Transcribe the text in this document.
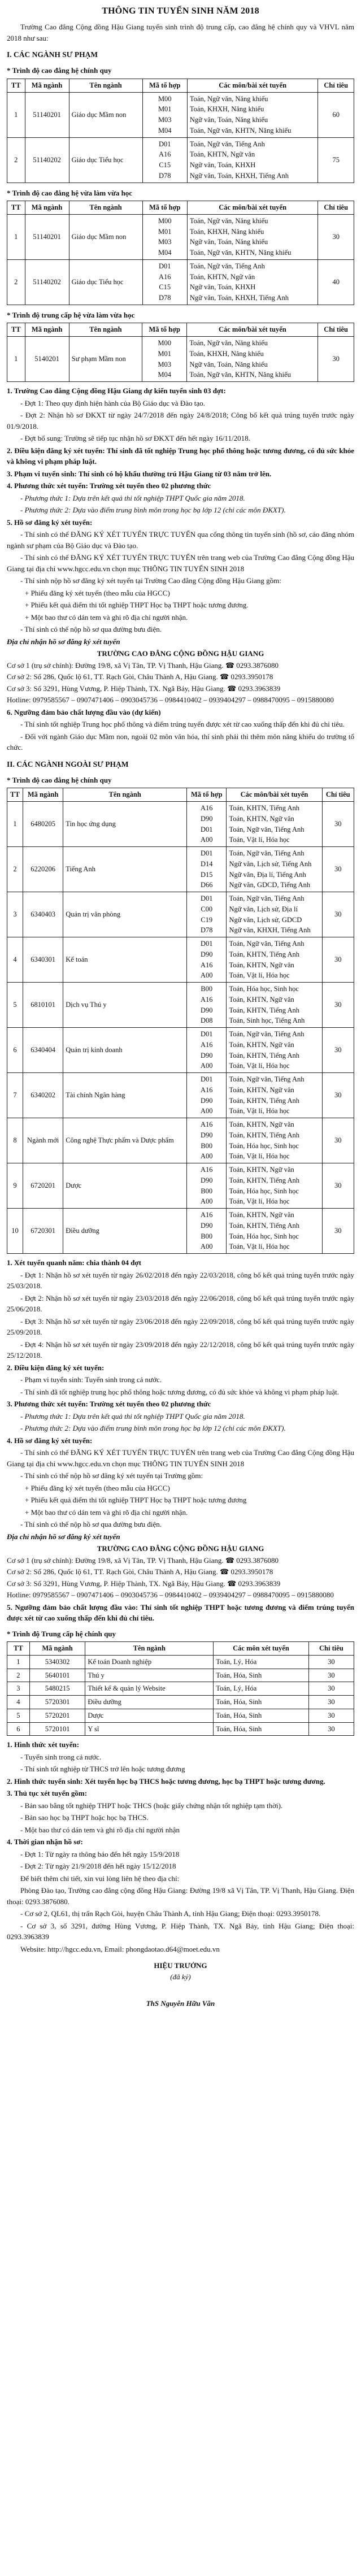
THÔNG TIN TUYỂN SINH NĂM 2018

Trường Cao đẳng Cộng đồng Hậu Giang tuyển sinh trình độ trung cấp, cao đẳng hệ chính quy và VHVL năm 2018 như sau:

I. CÁC NGÀNH SƯ PHẠM
* Trình độ cao đẳng hệ chính quy
TT	Mã ngành	Tên ngành	Mã tổ hợp	Các môn/bài xét tuyển	Chỉ tiêu
1	51140201	Giáo dục Mầm non	M00
M01
M03
M04	Toán, Ngữ văn, Năng khiếu
Toán, KHXH, Năng khiếu
Ngữ văn, Toán, Năng khiếu
Toán, Ngữ văn, KHTN, Năng khiếu	60
2	51140202	Giáo dục Tiểu học	D01
A16
C15
D78	Toán, Ngữ văn, Tiếng Anh
Toán, KHTN, Ngữ văn
Ngữ văn, Toán, KHXH
Ngữ văn, Toán, KHXH, Tiếng Anh	75
* Trình độ cao đẳng hệ vừa làm vừa học
TT	Mã ngành	Tên ngành	Mã tổ hợp	Các môn/bài xét tuyển	Chỉ tiêu
1	51140201	Giáo dục Mầm non	M00
M01
M03
M04	Toán, Ngữ văn, Năng khiếu
Toán, KHXH, Năng khiếu
Ngữ văn, Toán, Năng khiếu
Toán, Ngữ văn, KHTN, Năng khiếu	30
2	51140202	Giáo dục Tiểu học	D01
A16
C15
D78	Toán, Ngữ văn, Tiếng Anh
Toán, KHTN, Ngữ văn
Ngữ văn, Toán, KHXH
Ngữ văn, Toán, KHXH, Tiếng Anh	40
* Trình độ trung cấp hệ vừa làm vừa học
TT	Mã ngành	Tên ngành	Mã tổ hợp	Các môn/bài xét tuyển	Chỉ tiêu
1	5140201	Sư phạm Mầm non	M00
M01
M03
M04	Toán, Ngữ văn, Năng khiếu
Toán, KHXH, Năng khiếu
Ngữ văn, Toán, Năng khiếu
Toán, Ngữ văn, KHTN, Năng khiếu	30

1. Trường Cao đẳng Cộng đồng Hậu Giang dự kiến tuyển sinh 03 đợt:

- Đợt 1: Theo quy định hiện hành của Bộ Giáo dục và Đào tạo.

- Đợt 2: Nhận hồ sơ ĐKXT từ ngày 24/7/2018 đến ngày 24/8/2018; Công bố kết quả trúng tuyển trước ngày 01/9/2018.

- Đợt bổ sung: Trường sẽ tiếp tục nhận hồ sơ ĐKXT đến hết ngày 16/11/2018.

2. Điều kiện đăng ký xét tuyển: Thí sinh đã tốt nghiệp Trung học phổ thông hoặc tương đương, có đủ sức khỏe và không vi phạm pháp luật.

3. Phạm vi tuyển sinh: Thí sinh có hộ khẩu thường trú Hậu Giang từ 03 năm trở lên.

4. Phương thức xét tuyển: Trường xét tuyển theo 02 phương thức

- Phương thức 1: Dựa trên kết quả thi tốt nghiệp THPT Quốc gia năm 2018.

- Phương thức 2: Dựa vào điểm trung bình môn trong học bạ lớp 12 (chỉ các môn ĐKXT).

5. Hồ sơ đăng ký xét tuyển:

- Thí sinh có thể ĐĂNG KÝ XÉT TUYỂN TRỰC TUYẾN qua cổng thông tin tuyển sinh (hồ sơ, cáo đăng nhóm ngành sư phạm của Bộ Giáo dục và Đào tạo.

- Thí sinh có thể ĐĂNG KÝ XÉT TUYỂN TRỰC TUYẾN trên trang web của Trường Cao đẳng Cộng đồng Hậu Giang tại địa chỉ www.hgcc.edu.vn chọn mục THÔNG TIN TUYỂN SINH 2018

- Thí sinh nộp hồ sơ đăng ký xét tuyển tại Trường Cao đẳng Cộng đồng Hậu Giang gồm:

+ Phiếu đăng ký xét tuyển (theo mẫu của HGCC)

+ Phiếu kết quả điểm thi tốt nghiệp THPT Học bạ THPT hoặc tương đương.

+ Một bao thư có dán tem và ghi rõ địa chỉ người nhận.

- Thí sinh có thể nộp hồ sơ qua đường bưu điện.

Địa chỉ nhận hồ sơ đăng ký xét tuyển

TRƯỜNG CAO ĐẲNG CỘNG ĐỒNG HẬU GIANG

Cơ sở 1 (trụ sở chính): Đường 19/8, xã Vị Tân, TP. Vị Thanh, Hậu Giang. ☎ 0293.3876080

Cơ sở 2: Số 286, Quốc lộ 61, TT. Rạch Gòi, Châu Thành A, Hậu Giang. ☎ 0293.3950178

Cơ sở 3: Số 3291, Hùng Vương, P. Hiệp Thành, TX. Ngã Bảy, Hậu Giang. ☎ 0293.3963839

Hotline: 0979585567 – 0907471406 – 0903045736 – 0984410402 – 0939404297 – 0988470095 – 0915880080

6. Ngưỡng đảm bảo chất lượng đầu vào (dự kiến)

- Thí sinh tốt nghiệp Trung học phổ thông và điểm trúng tuyển được xét từ cao xuống thấp đến khi đủ chỉ tiêu.

- Đối với ngành Giáo dục Mầm non, ngoài 02 môn văn hóa, thí sinh phải thi thêm môn năng khiếu do trường tổ chức.

II. CÁC NGÀNH NGOÀI SƯ PHẠM
* Trình độ cao đẳng hệ chính quy
TT	Mã ngành	Tên ngành	Mã tổ hợp	Các môn/bài xét tuyển	Chỉ tiêu
1	6480205	Tin học ứng dụng	A16
D90
D01
A00	Toán, KHTN, Tiếng Anh
Toán, KHTN, Ngữ văn
Toán, Ngữ văn, Tiếng Anh
Toán, Vật lí, Hóa học	30
2	6220206	Tiếng Anh	D01
D14
D15
D66	Toán, Ngữ văn, Tiếng Anh
Ngữ văn, Lịch sử, Tiếng Anh
Ngữ văn, Địa lí, Tiếng Anh
Ngữ văn, GDCD, Tiếng Anh	30
3	6340403	Quản trị văn phòng	D01
C00
C19
D78	Toán, Ngữ văn, Tiếng Anh
Ngữ văn, Lịch sử, Địa lí
Ngữ văn, Lịch sử, GDCD
Ngữ văn, KHXH, Tiếng Anh	30
4	6340301	Kế toán	D01
D90
A16
A00	Toán, Ngữ văn, Tiếng Anh
Toán, KHTN, Tiếng Anh
Toán, KHTN, Ngữ văn
Toán, Vật lí, Hóa học	30
5	6810101	Dịch vụ Thú y	B00
A16
D90
D08	Toán, Hóa học, Sinh học
Toán, KHTN, Ngữ văn
Toán, KHTN, Tiếng Anh
Toán, Sinh học, Tiếng Anh	30
6	6340404	Quản trị kinh doanh	D01
A16
D90
A00	Toán, Ngữ văn, Tiếng Anh
Toán, KHTN, Ngữ văn
Toán, KHTN, Tiếng Anh
Toán, Vật lí, Hóa học	30
7	6340202	Tài chính Ngân hàng	D01
A16
D90
A00	Toán, Ngữ văn, Tiếng Anh
Toán, KHTN, Ngữ văn
Toán, KHTN, Tiếng Anh
Toán, Vật lí, Hóa học	30
8	Ngành mới	Công nghệ Thực phẩm và Dược phẩm	A16
D90
B00
A00	Toán, KHTN, Ngữ văn
Toán, KHTN, Tiếng Anh
Toán, Hóa học, Sinh học
Toán, Vật lí, Hóa học	30
9	6720201	Dược	A16
D90
B00
A00	Toán, KHTN, Ngữ văn
Toán, KHTN, Tiếng Anh
Toán, Hóa học, Sinh học
Toán, Vật lí, Hóa học	30
10	6720301	Điều dưỡng	A16
D90
B00
A00	Toán, KHTN, Ngữ văn
Toán, KHTN, Tiếng Anh
Toán, Hóa học, Sinh học
Toán, Vật lí, Hóa học	30

1. Xét tuyển quanh năm: chia thành 04 đợt

- Đợt 1: Nhận hồ sơ xét tuyển từ ngày 26/02/2018 đến ngày 22/03/2018, công bố kết quả trúng tuyển trước ngày 25/03/2018.

- Đợt 2: Nhận hồ sơ xét tuyển từ ngày 23/03/2018 đến ngày 22/06/2018, công bố kết quả trúng tuyển trước ngày 25/06/2018.

- Đợt 3: Nhận hồ sơ xét tuyển từ ngày 23/06/2018 đến ngày 22/09/2018, công bố kết quả trúng tuyển trước ngày 25/09/2018.

- Đợt 4: Nhận hồ sơ xét tuyển từ ngày 23/09/2018 đến ngày 22/12/2018, công bố kết quả trúng tuyển trước ngày 25/12/2018.

2. Điều kiện đăng ký xét tuyển:

- Phạm vi tuyển sinh: Tuyển sinh trong cả nước.

- Thí sinh đã tốt nghiệp trung học phổ thông hoặc tương đương, có đủ sức khỏe và không vi phạm pháp luật.

3. Phương thức xét tuyển: Trường xét tuyển theo 02 phương thức

- Phương thức 1: Dựa trên kết quả thi tốt nghiệp THPT Quốc gia năm 2018.

- Phương thức 2: Dựa vào điểm trung bình môn trong học bạ lớp 12 (chỉ các môn ĐKXT).

4. Hồ sơ đăng ký xét tuyển:

- Thí sinh có thể ĐĂNG KÝ XÉT TUYỂN TRỰC TUYẾN trên trang web của Trường Cao đẳng Cộng đồng Hậu Giang tại địa chỉ www.hgcc.edu.vn chọn mục THÔNG TIN TUYỂN SINH 2018

- Thí sinh có thể nộp hồ sơ đăng ký xét tuyển tại Trường gồm:

+ Phiếu đăng ký xét tuyển (theo mẫu của HGCC)

+ Phiếu kết quả điểm thi tốt nghiệp THPT Học bạ THPT hoặc tương đương

+ Một bao thư có dán tem và ghi rõ địa chỉ người nhận.

- Thí sinh có thể nộp hồ sơ qua đường bưu điện.

Địa chỉ nhận hồ sơ đăng ký xét tuyển

TRƯỜNG CAO ĐẲNG CỘNG ĐỒNG HẬU GIANG

Cơ sở 1 (trụ sở chính): Đường 19/8, xã Vị Tân, TP. Vị Thanh, Hậu Giang. ☎ 0293.3876080

Cơ sở 2: Số 286, Quốc lộ 61, TT. Rạch Gòi, Châu Thành A, Hậu Giang. ☎ 0293.3950178

Cơ sở 3: Số 3291, Hùng Vương, P. Hiệp Thành, TX. Ngã Bảy, Hậu Giang. ☎ 0293.3963839

Hotline: 0979585567 – 0907471406 – 0903045736 – 0984410402 – 0939404297 – 0988470095 – 0915880080

5. Ngưỡng đảm bảo chất lượng đầu vào: Thí sinh tốt nghiệp THPT hoặc tương đương và điểm trúng tuyển được xét từ cao xuống thấp đến khi đủ chỉ tiêu.

* Trình độ Trung cấp hệ chính quy
TT	Mã ngành	Tên ngành	Các môn xét tuyển	Chỉ tiêu
1	5340302	Kế toán Doanh nghiệp	Toán, Lý, Hóa	30
2	5640101	Thú y	Toán, Hóa, Sinh	30
3	5480215	Thiết kế & quản lý Website	Toán, Lý, Hóa	30
4	5720301	Điều dưỡng	Toán, Hóa, Sinh	30
5	5720201	Dược	Toán, Hóa, Sinh	30
6	5720101	Y sĩ	Toán, Hóa, Sinh	30

1. Hình thức xét tuyển:

- Tuyển sinh trong cả nước.

- Thí sinh tốt nghiệp từ THCS trở lên hoặc tương đương

2. Hình thức tuyển sinh: Xét tuyển học bạ THCS hoặc tương đương, học bạ THPT hoặc tương đương.

3. Thủ tục xét tuyển gồm:

- Bản sao bằng tốt nghiệp THPT hoặc THCS (hoặc giấy chứng nhận tốt nghiệp tạm thời).

- Bản sao học bạ THPT hoặc học bạ THCS.

- Một bao thư có dán tem và ghi rõ địa chỉ người nhận

4. Thời gian nhận hồ sơ:

- Đợt 1: Từ ngày ra thông báo đến hết ngày 15/9/2018

- Đợt 2: Từ ngày 21/9/2018 đến hết ngày 15/12/2018

Để biết thêm chi tiết, xin vui lòng liên hệ theo địa chỉ:

Phòng Đào tạo, Trường cao đẳng cộng đồng Hậu Giang: Đường 19/8 xã Vị Tân, TP. Vị Thanh, Hậu Giang. Điện thoại: 0293.3876080.

- Cơ sở 2, QL61, thị trấn Rạch Gòi, huyện Châu Thành A, tỉnh Hậu Giang; Điện thoại: 0293.3950178.

- Cơ sở 3, số 3291, đường Hùng Vương, P. Hiệp Thành, TX. Ngã Bảy, tỉnh Hậu Giang; Điện thoại: 0293.3963839

Website: http://hgcc.edu.vn, Email: phongdaotao.d64@moet.edu.vn

HIỆU TRƯỞNG
(đã ký)
ThS Nguyễn Hữu Văn
